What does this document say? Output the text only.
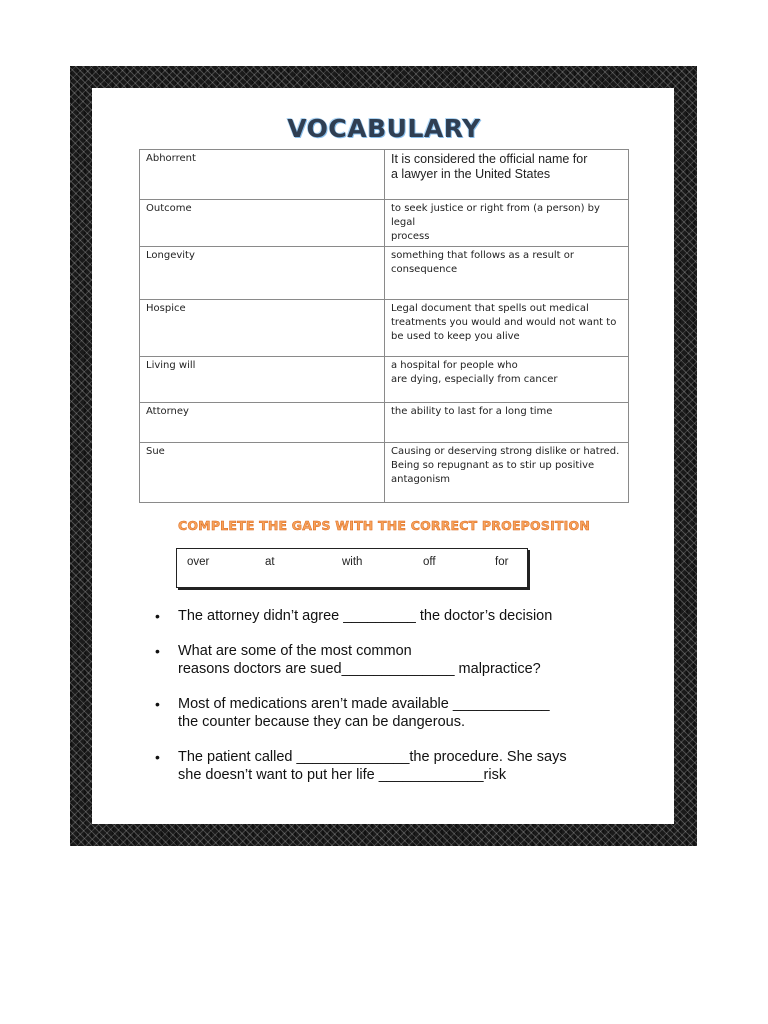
VOCABULARY
Abhorrent	It is considered the official name for
a lawyer in the United States
Outcome	to seek justice or right from (a person) by legal
process
Longevity	something that follows as a result or
consequence
Hospice	Legal document that spells out medical
treatments you would and would not want to
be used to keep you alive
Living will	a hospital for people who
are dying, especially from cancer
Attorney	the ability to last for a long time
Sue	Causing or deserving strong dislike or hatred.
Being so repugnant as to stir up positive
antagonism
COMPLETE THE GAPS WITH THE CORRECT PROEPOSITION
over	at	with	off	for
• The attorney didn’t agree _________ the doctor’s decision
• What are some of the most common
reasons doctors are sued______________ malpractice?
• Most of medications aren’t made available ____________
the counter because they can be dangerous.
• The patient called ______________the procedure. She says
she doesn’t want to put her life _____________risk
